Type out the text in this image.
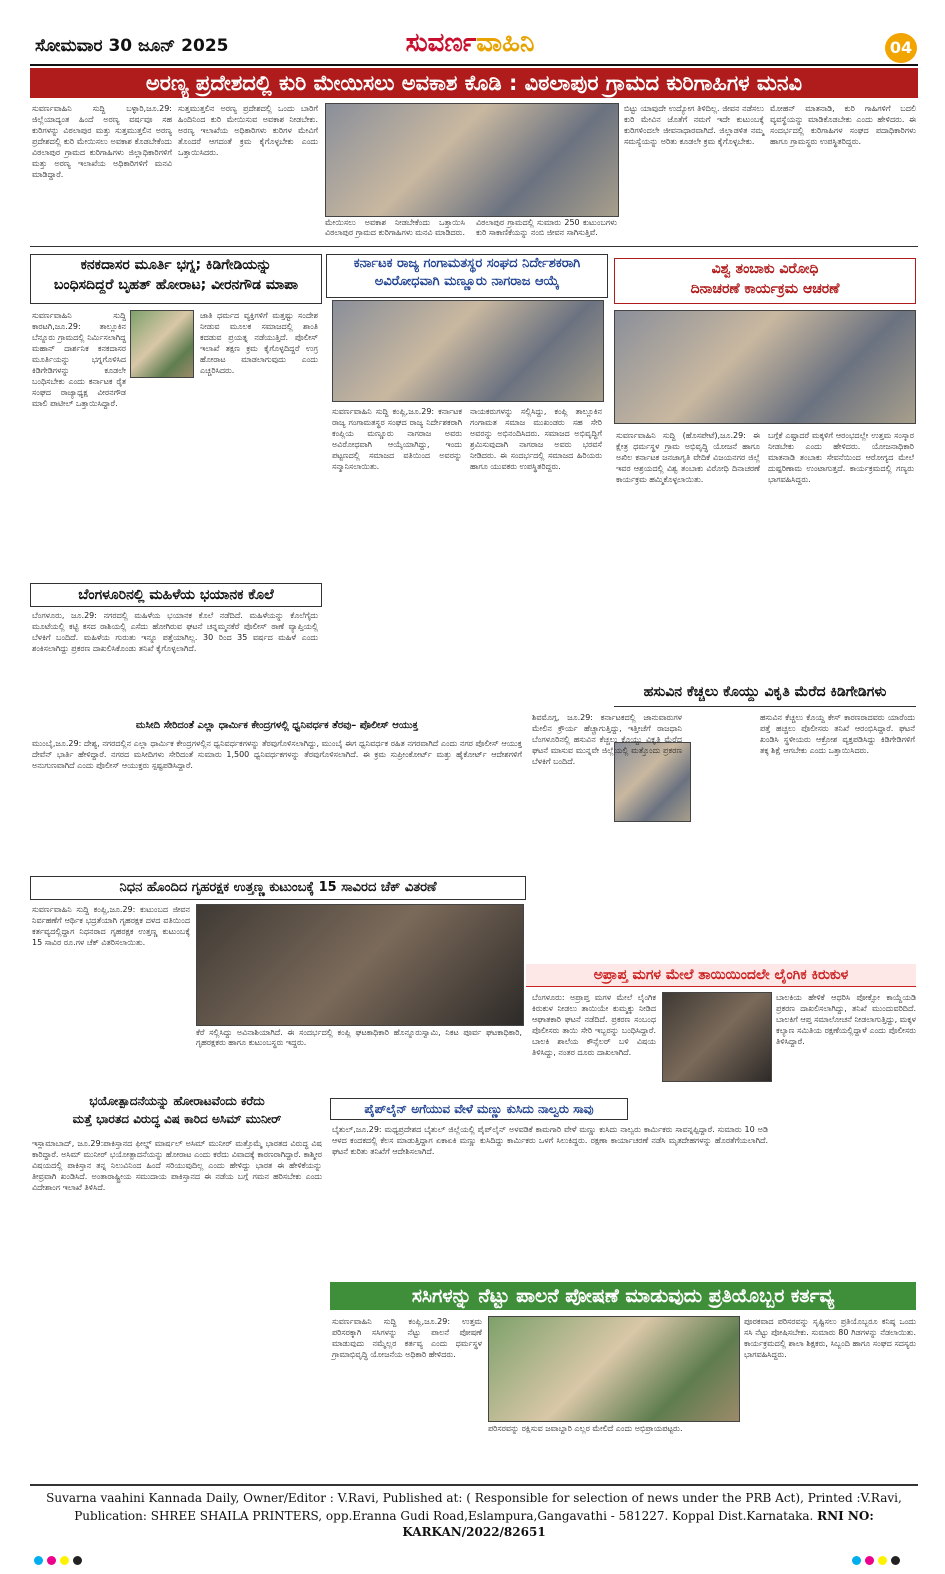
ಸೋಮವಾರ 30 ಜೂನ್ 2025	ಸುವರ್ಣವಾಹಿನಿ	04
ಅರಣ್ಯ ಪ್ರದೇಶದಲ್ಲಿ ಕುರಿ ಮೇಯಿಸಲು ಅವಕಾಶ ಕೊಡಿ : ವಿಠಲಾಪುರ ಗ್ರಾಮದ ಕುರಿಗಾಹಿಗಳ ಮನವಿ
ಸುವರ್ಣವಾಹಿನಿ ಸುದ್ದಿ ಬಳ್ಳಾರಿ,ಜೂ.29: ಜಿಲ್ಲೆಯಾದ್ಯಂತ ಹಿಂದೆ ಅರಣ್ಯ ವರ್ಷವೂ ಸಹ ಕುರಿಗಳನ್ನು ವಿಠಲಾಪುರ ಮತ್ತು ಸುತ್ತಮುತ್ತಲಿನ ಅರಣ್ಯ ಪ್ರದೇಶದಲ್ಲಿ ಕುರಿ ಮೇಯಿಸಲು ಅವಕಾಶ ಕೊಡಬೇಕೆಂದು ವಿಠಲಾಪುರ ಗ್ರಾಮದ ಕುರಿಗಾಹಿಗಳು ಜಿಲ್ಲಾಧಿಕಾರಿಗಳಿಗೆ ಮತ್ತು ಅರಣ್ಯ ಇಲಾಖೆಯ ಅಧಿಕಾರಿಗಳಿಗೆ ಮನವಿ ಮಾಡಿದ್ದಾರೆ.
ಸುತ್ತಮುತ್ತಲಿನ ಅರಣ್ಯ ಪ್ರದೇಶದಲ್ಲಿ ಒಂದು ಬಾರಿಗೆ ಹಿಂದಿನಿಂದ ಕುರಿ ಮೇಯಿಸುವ ಅವಕಾಶ ನೀಡಬೇಕು. ಅರಣ್ಯ ಇಲಾಖೆಯ ಅಧಿಕಾರಿಗಳು ಕುರಿಗಳ ಮೇವಿಗೆ ತೊಂದರೆ ಆಗದಂತೆ ಕ್ರಮ ಕೈಗೊಳ್ಳಬೇಕು ಎಂದು ಒತ್ತಾಯಿಸಿದರು.
ಮೇಯಿಸಲು ಅವಕಾಶ ನೀಡಬೇಕೆಂದು ಒತ್ತಾಯಿಸಿ ವಿಠಲಾಪುರ ಗ್ರಾಮದ ಕುರಿಗಾಹಿಗಳು ಮನವಿ ಮಾಡಿದರು.
ವಿಠಲಾಪುರ ಗ್ರಾಮದಲ್ಲಿ ಸುಮಾರು 250 ಕುಟುಂಬಗಳು ಕುರಿ ಸಾಕಾಣಿಕೆಯನ್ನು ನಂಬಿ ಜೀವನ ಸಾಗಿಸುತ್ತಿವೆ.
ಬಿಟ್ಟು ಯಾವುದೇ ಉದ್ಯೋಗ ತಿಳಿದಿಲ್ಲ. ಜೀವನ ನಡೆಸಲು ಕುರಿ ಮೇವಿನ ಜೊತೆಗೆ ನಮಗೆ ಇದೇ ಕುಟುಂಬಕ್ಕೆ ಕುರಿಗಳಿಂದಲೇ ಜೀವನಾಧಾರವಾಗಿದೆ. ಜಿಲ್ಲಾಡಳಿತ ನಮ್ಮ ಸಮಸ್ಯೆಯನ್ನು ಅರಿತು ಕೂಡಲೇ ಕ್ರಮ ಕೈಗೊಳ್ಳಬೇಕು.
ಮೋಹನ್ ಮಾತನಾಡಿ, ಕುರಿ ಗಾಹಿಗಳಿಗೆ ಬದಲಿ ವ್ಯವಸ್ಥೆಯನ್ನು ಮಾಡಿಕೊಡಬೇಕು ಎಂದು ಹೇಳಿದರು. ಈ ಸಂದರ್ಭದಲ್ಲಿ ಕುರಿಗಾಹಿಗಳ ಸಂಘದ ಪದಾಧಿಕಾರಿಗಳು ಹಾಗೂ ಗ್ರಾಮಸ್ಥರು ಉಪಸ್ಥಿತರಿದ್ದರು.
ಕನಕದಾಸರ ಮೂರ್ತಿ ಭಗ್ನ; ಕಿಡಿಗೇಡಿಯನ್ನು
ಬಂಧಿಸದಿದ್ದರೆ ಬೃಹತ್ ಹೋರಾಟ; ವೀರನಗೌಡ ಮಾಪಾ
ಸುವರ್ಣವಾಹಿನಿ ಸುದ್ದಿ ಕಾರಟಗಿ,ಜೂ.29: ತಾಲ್ಲೂಕಿನ ಬೆನ್ನೂರು ಗ್ರಾಮದಲ್ಲಿ ನಿರ್ಮಿಸಲಾಗಿದ್ದ ಮಹಾನ್ ದಾರ್ಶನಿಕ ಕನಕದಾಸರ ಮೂರ್ತಿಯನ್ನು ಭಗ್ನಗೊಳಿಸಿದ ಕಿಡಿಗೇಡಿಗಳನ್ನು ಕೂಡಲೇ ಬಂಧಿಸಬೇಕು ಎಂದು ಕರ್ನಾಟಕ ರೈತ ಸಂಘದ ರಾಜ್ಯಾಧ್ಯಕ್ಷ ವೀರನಗೌಡ ಮಾಲಿ ಪಾಟೀಲ್ ಒತ್ತಾಯಿಸಿದ್ದಾರೆ.
ಜಾತಿ ಧರ್ಮದ ವ್ಯಕ್ತಿಗಳಿಗೆ ಮತ್ತಷ್ಟು ಸಂದೇಶ ನೀಡುವ ಮೂಲಕ ಸಮಾಜದಲ್ಲಿ ಶಾಂತಿ ಕದಡುವ ಪ್ರಯತ್ನ ನಡೆಯುತ್ತಿದೆ. ಪೊಲೀಸ್ ಇಲಾಖೆ ತಕ್ಷಣ ಕ್ರಮ ಕೈಗೊಳ್ಳದಿದ್ದರೆ ಉಗ್ರ ಹೋರಾಟ ಮಾಡಲಾಗುವುದು ಎಂದು ಎಚ್ಚರಿಸಿದರು.
ಬೆಂಗಳೂರಿನಲ್ಲಿ ಮಹಿಳೆಯ ಭಯಾನಕ ಕೊಲೆ
ಬೆಂಗಳೂರು, ಜೂ.29: ನಗರದಲ್ಲಿ ಮಹಿಳೆಯ ಭಯಾನಕ ಕೊಲೆ ನಡೆದಿದೆ. ಮಹಿಳೆಯನ್ನು ಕೊಲೆಗೈದು ಮೂಟೆಯಲ್ಲಿ ಕಟ್ಟಿ ಕಸದ ರಾಶಿಯಲ್ಲಿ ಎಸೆದು ಹೋಗಿರುವ ಘಟನೆ ಚನ್ನಮ್ಮನಕೆರೆ ಪೊಲೀಸ್ ಠಾಣೆ ವ್ಯಾಪ್ತಿಯಲ್ಲಿ ಬೆಳಕಿಗೆ ಬಂದಿದೆ. ಮಹಿಳೆಯ ಗುರುತು ಇನ್ನೂ ಪತ್ತೆಯಾಗಿಲ್ಲ. 30 ರಿಂದ 35 ವರ್ಷದ ಮಹಿಳೆ ಎಂದು ಶಂಕಿಸಲಾಗಿದ್ದು ಪ್ರಕರಣ ದಾಖಲಿಸಿಕೊಂಡು ತನಿಖೆ ಕೈಗೊಳ್ಳಲಾಗಿದೆ.
ಕರ್ನಾಟಕ ರಾಜ್ಯ ಗಂಗಾಮತಸ್ಥರ ಸಂಘದ ನಿರ್ದೇಶಕರಾಗಿ
ಅವಿರೋಧವಾಗಿ ಮಣ್ಣೂರು ನಾಗರಾಜ ಆಯ್ಕೆ
ಸುವರ್ಣವಾಹಿನಿ ಸುದ್ದಿ ಕಂಪ್ಲಿ,ಜೂ.29: ಕರ್ನಾಟಕ ರಾಜ್ಯ ಗಂಗಾಮತಸ್ಥರ ಸಂಘದ ರಾಜ್ಯ ನಿರ್ದೇಶಕರಾಗಿ ಕಂಪ್ಲಿಯ ಮಣ್ಣೂರು ನಾಗರಾಜ ಅವರು ಅವಿರೋಧವಾಗಿ ಆಯ್ಕೆಯಾಗಿದ್ದು, ಇಂದು ಪಟ್ಟಣದಲ್ಲಿ ಸಮಾಜದ ವತಿಯಿಂದ ಅವರನ್ನು ಸನ್ಮಾನಿಸಲಾಯಿತು.
ನಾಯಕರುಗಳನ್ನು ಸಲ್ಲಿಸಿದ್ದು, ಕಂಪ್ಲಿ ತಾಲ್ಲೂಕಿನ ಗಂಗಾಮತ ಸಮಾಜ ಮುಖಂಡರು ಸಹ ಸೇರಿ ಅವರನ್ನು ಅಭಿನಂದಿಸಿದರು. ಸಮಾಜದ ಅಭಿವೃದ್ಧಿಗೆ ಶ್ರಮಿಸುವುದಾಗಿ ನಾಗರಾಜ ಅವರು ಭರವಸೆ ನೀಡಿದರು. ಈ ಸಂದರ್ಭದಲ್ಲಿ ಸಮಾಜದ ಹಿರಿಯರು ಹಾಗೂ ಯುವಕರು ಉಪಸ್ಥಿತರಿದ್ದರು.
ವಿಶ್ವ ತಂಬಾಕು ವಿರೋಧಿ
ದಿನಾಚರಣೆ ಕಾರ್ಯಕ್ರಮ ಆಚರಣೆ
ಸುವರ್ಣವಾಹಿನಿ ಸುದ್ದಿ (ಹೊಸಪೇಟೆ),ಜೂ.29: ಈ ಕ್ಷೇತ್ರ ಧರ್ಮಸ್ಥಳ ಗ್ರಾಮ ಅಭಿವೃದ್ಧಿ ಯೋಜನೆ ಹಾಗೂ ಅಖಿಲ ಕರ್ನಾಟಕ ಜನಜಾಗೃತಿ ವೇದಿಕೆ ವಿಜಯನಗರ ಜಿಲ್ಲೆ ಇವರ ಆಶ್ರಯದಲ್ಲಿ ವಿಶ್ವ ತಂಬಾಕು ವಿರೋಧಿ ದಿನಾಚರಣೆ ಕಾರ್ಯಕ್ರಮ ಹಮ್ಮಿಕೊಳ್ಳಲಾಯಿತು.
ಬಗ್ಗೆಕೆ ಎಷ್ಟಾದರೆ ಮಕ್ಕಳಿಗೆ ಆರಂಭದಲ್ಲೇ ಉತ್ತಮ ಸಂಸ್ಕಾರ ನೀಡಬೇಕು ಎಂದು ಹೇಳಿದರು. ಯೋಜನಾಧಿಕಾರಿ ಮಾತನಾಡಿ ತಂಬಾಕು ಸೇವನೆಯಿಂದ ಆರೋಗ್ಯದ ಮೇಲೆ ದುಷ್ಪರಿಣಾಮ ಉಂಟಾಗುತ್ತದೆ. ಕಾರ್ಯಕ್ರಮದಲ್ಲಿ ಗಣ್ಯರು ಭಾಗವಹಿಸಿದ್ದರು.
ಹಸುವಿನ ಕೆಚ್ಚಲು ಕೊಯ್ದು ವಿಕೃತಿ ಮೆರೆದ ಕಿಡಿಗೇಡಿಗಳು
ಶಿವಮೊಗ್ಗ, ಜೂ.29: ಕರ್ನಾಟಕದಲ್ಲಿ ಜಾನುವಾರುಗಳ ಮೇಲಿನ ಕ್ರೌರ್ಯ ಹೆಚ್ಚಾಗುತ್ತಿದ್ದು, ಇತ್ತೀಚೆಗೆ ರಾಜಧಾನಿ ಬೆಂಗಳೂರಿನಲ್ಲಿ ಹಸುವಿನ ಕೆಚ್ಚಲು ಕೊಯ್ದು ವಿಕೃತಿ ಮೆರೆದ ಘಟನೆ ಮಾಸುವ ಮುನ್ನವೇ ಜಿಲ್ಲೆಯಲ್ಲಿ ಮತ್ತೊಂದು ಪ್ರಕರಣ ಬೆಳಕಿಗೆ ಬಂದಿದೆ.
ಹಸುವಿನ ಕೆಚ್ಚಲು ಕೊಯ್ದ ಕೇಸ್ ಕಾರಣರಾದವರು ಯಾರೆಂದು ಪತ್ತೆ ಹಚ್ಚಲು ಪೊಲೀಸರು ತನಿಖೆ ಆರಂಭಿಸಿದ್ದಾರೆ. ಘಟನೆ ಖಂಡಿಸಿ ಸ್ಥಳೀಯರು ಆಕ್ರೋಶ ವ್ಯಕ್ತಪಡಿಸಿದ್ದು ಕಿಡಿಗೇಡಿಗಳಿಗೆ ತಕ್ಕ ಶಿಕ್ಷೆ ಆಗಬೇಕು ಎಂದು ಒತ್ತಾಯಿಸಿದರು.
ಮಸೀದಿ ಸೇರಿದಂತೆ ಎಲ್ಲಾ ಧಾರ್ಮಿಕ ಕೇಂದ್ರಗಳಲ್ಲಿ ಧ್ವನಿವರ್ಧಕ ತೆರವು– ಪೊಲೀಸ್ ಆಯುಕ್ತ
ಮುಂಬೈ,ಜೂ.29: ದೇಶ್ಯ, ನಗರದಲ್ಲಿನ ಎಲ್ಲಾ ಧಾರ್ಮಿಕ ಕೇಂದ್ರಗಳಲ್ಲಿನ ಧ್ವನಿವರ್ಧಕಗಳನ್ನು ತೆರವುಗೊಳಿಸಲಾಗಿದ್ದು, ಮುಂಬೈ ಈಗ ಧ್ವನಿವರ್ಧಕ ರಹಿತ ನಗರವಾಗಿದೆ ಎಂದು ನಗರ ಪೊಲೀಸ್ ಆಯುಕ್ತ ದೇವೆನ್ ಭಾರ್ತಿ ಹೇಳಿದ್ದಾರೆ. ನಗರದ ಮಸೀದಿಗಳು ಸೇರಿದಂತೆ ಸುಮಾರು 1,500 ಧ್ವನಿವರ್ಧಕಗಳನ್ನು ತೆರವುಗೊಳಿಸಲಾಗಿದೆ. ಈ ಕ್ರಮ ಸುಪ್ರೀಂಕೋರ್ಟ್ ಮತ್ತು ಹೈಕೋರ್ಟ್ ಆದೇಶಗಳಿಗೆ ಅನುಗುಣವಾಗಿದೆ ಎಂದು ಪೊಲೀಸ್ ಆಯುಕ್ತರು ಸ್ಪಷ್ಟಪಡಿಸಿದ್ದಾರೆ.
ನಿಧನ ಹೊಂದಿದ ಗೃಹರಕ್ಷಕ ಉತ್ತಣ್ಣ ಕುಟುಂಬಕ್ಕೆ 15 ಸಾವಿರದ ಚೆಕ್ ವಿತರಣೆ
ಸುವರ್ಣವಾಹಿನಿ ಸುದ್ದಿ ಕಂಪ್ಲಿ,ಜೂ.29: ಕುಟುಂಬದ ಜೀವನ ನಿರ್ವಹಣೆಗೆ ಆರ್ಥಿಕ ಭದ್ರತೆಯಾಗಿ ಗೃಹರಕ್ಷಕ ದಳದ ವತಿಯಿಂದ ಕರ್ತವ್ಯದಲ್ಲಿದ್ದಾಗ ನಿಧನರಾದ ಗೃಹರಕ್ಷಕ ಉತ್ತಣ್ಣ ಕುಟುಂಬಕ್ಕೆ 15 ಸಾವಿರ ರೂ.ಗಳ ಚೆಕ್ ವಿತರಿಸಲಾಯಿತು.
ಕೆರೆ ಸಲ್ಲಿಸಿದ್ದು ಅವಿನಾಶಿಯಾಗಿದೆ. ಈ ಸಂದರ್ಭದಲ್ಲಿ ಕಂಪ್ಲಿ ಘಟಕಾಧಿಕಾರಿ ಹೊನ್ನೂರುಸ್ವಾಮಿ, ನಿಕಟ ಪೂರ್ವ ಘಟಕಾಧಿಕಾರಿ, ಗೃಹರಕ್ಷಕರು ಹಾಗೂ ಕುಟುಂಬಸ್ಥರು ಇದ್ದರು.
ಅಪ್ರಾಪ್ತ ಮಗಳ ಮೇಲೆ ತಾಯಿಯಿಂದಲೇ ಲೈಂಗಿಕ ಕಿರುಕುಳ
ಬೆಂಗಳೂರು: ಅಪ್ರಾಪ್ತ ಮಗಳ ಮೇಲೆ ಲೈಂಗಿಕ ಕಿರುಕುಳ ನೀಡಲು ತಾಯಿಯೇ ಕುಮ್ಮಕ್ಕು ನೀಡಿದ ಆಘಾತಕಾರಿ ಘಟನೆ ನಡೆದಿದೆ. ಪ್ರಕರಣ ಸಂಬಂಧ ಪೊಲೀಸರು ತಾಯಿ ಸೇರಿ ಇಬ್ಬರನ್ನು ಬಂಧಿಸಿದ್ದಾರೆ. ಬಾಲಕಿ ಶಾಲೆಯ ಕೌನ್ಸೆಲರ್ ಬಳಿ ವಿಷಯ ತಿಳಿಸಿದ್ದು, ನಂತರ ದೂರು ದಾಖಲಾಗಿದೆ.
ಬಾಲಕಿಯ ಹೇಳಿಕೆ ಆಧರಿಸಿ ಪೋಕ್ಸೋ ಕಾಯ್ದೆಯಡಿ ಪ್ರಕರಣ ದಾಖಲಿಸಲಾಗಿದ್ದು, ತನಿಖೆ ಮುಂದುವರಿದಿದೆ. ಬಾಲಕಿಗೆ ಆಪ್ತ ಸಮಾಲೋಚನೆ ನೀಡಲಾಗುತ್ತಿದ್ದು, ಮಕ್ಕಳ ಕಲ್ಯಾಣ ಸಮಿತಿಯ ರಕ್ಷಣೆಯಲ್ಲಿದ್ದಾಳೆ ಎಂದು ಪೊಲೀಸರು ತಿಳಿಸಿದ್ದಾರೆ.
ಭಯೋತ್ಪಾದನೆಯನ್ನು ಹೋರಾಟವೆಂದು ಕರೆದು
ಮತ್ತೆ ಭಾರತದ ವಿರುದ್ಧ ವಿಷ ಕಾರಿದ ಅಸಿಮ್ ಮುನೀರ್
ಇಸ್ಲಾಮಾಬಾದ್, ಜೂ.29:ಪಾಕಿಸ್ತಾನದ ಫೀಲ್ಡ್ ಮಾರ್ಷಲ್ ಅಸಿಮ್ ಮುನೀರ್ ಮತ್ತೊಮ್ಮೆ ಭಾರತದ ವಿರುದ್ಧ ವಿಷ ಕಾರಿದ್ದಾರೆ. ಅಸಿಮ್ ಮುನೀರ್ ಭಯೋತ್ಪಾದನೆಯನ್ನು ಹೋರಾಟ ಎಂದು ಕರೆದು ವಿವಾದಕ್ಕೆ ಕಾರಣರಾಗಿದ್ದಾರೆ. ಕಾಶ್ಮೀರ ವಿಷಯದಲ್ಲಿ ಪಾಕಿಸ್ತಾನ ತನ್ನ ನಿಲುವಿನಿಂದ ಹಿಂದೆ ಸರಿಯುವುದಿಲ್ಲ ಎಂದು ಹೇಳಿದ್ದು ಭಾರತ ಈ ಹೇಳಿಕೆಯನ್ನು ತೀವ್ರವಾಗಿ ಖಂಡಿಸಿದೆ. ಅಂತಾರಾಷ್ಟ್ರೀಯ ಸಮುದಾಯ ಪಾಕಿಸ್ತಾನದ ಈ ನಡೆಯ ಬಗ್ಗೆ ಗಮನ ಹರಿಸಬೇಕು ಎಂದು ವಿದೇಶಾಂಗ ಇಲಾಖೆ ತಿಳಿಸಿದೆ.
ಪೈಪ್‌ಲೈನ್ ಅಗೆಯುವ ವೇಳೆ ಮಣ್ಣು ಕುಸಿದು ನಾಲ್ವರು ಸಾವು
ಬೈತುಲ್,ಜೂ.29: ಮಧ್ಯಪ್ರದೇಶದ ಬೈತುಲ್ ಜಿಲ್ಲೆಯಲ್ಲಿ ಪೈಪ್‌ಲೈನ್ ಅಳವಡಿಕೆ ಕಾಮಗಾರಿ ವೇಳೆ ಮಣ್ಣು ಕುಸಿದು ನಾಲ್ವರು ಕಾರ್ಮಿಕರು ಸಾವನ್ನಪ್ಪಿದ್ದಾರೆ. ಸುಮಾರು 10 ಅಡಿ ಆಳದ ಕಂದಕದಲ್ಲಿ ಕೆಲಸ ಮಾಡುತ್ತಿದ್ದಾಗ ಏಕಾಏಕಿ ಮಣ್ಣು ಕುಸಿದಿದ್ದು ಕಾರ್ಮಿಕರು ಒಳಗೆ ಸಿಲುಕಿದ್ದರು. ರಕ್ಷಣಾ ಕಾರ್ಯಾಚರಣೆ ನಡೆಸಿ ಮೃತದೇಹಗಳನ್ನು ಹೊರತೆಗೆಯಲಾಗಿದೆ. ಘಟನೆ ಕುರಿತು ತನಿಖೆಗೆ ಆದೇಶಿಸಲಾಗಿದೆ.
ಸಸಿಗಳನ್ನು ನೆಟ್ಟು ಪಾಲನೆ ಪೋಷಣೆ ಮಾಡುವುದು ಪ್ರತಿಯೊಬ್ಬರ ಕರ್ತವ್ಯ
ಸುವರ್ಣವಾಹಿನಿ ಸುದ್ದಿ ಕಂಪ್ಲಿ,ಜೂ.29: ಉತ್ತಮ ಪರಿಸರಕ್ಕಾಗಿ ಸಸಿಗಳನ್ನು ನೆಟ್ಟು ಪಾಲನೆ ಪೋಷಣೆ ಮಾಡುವುದು ನಮ್ಮೆಲ್ಲರ ಕರ್ತವ್ಯ ಎಂದು ಧರ್ಮಸ್ಥಳ ಗ್ರಾಮಾಭಿವೃದ್ಧಿ ಯೋಜನೆಯ ಅಧಿಕಾರಿ ಹೇಳಿದರು.
ಪರಿಸರವನ್ನು ರಕ್ಷಿಸುವ ಜವಾಬ್ದಾರಿ ಎಲ್ಲರ ಮೇಲಿದೆ ಎಂದು ಅಭಿಪ್ರಾಯಪಟ್ಟರು.
ಪೂರಕವಾದ ಪರಿಸರವನ್ನು ಸೃಷ್ಟಿಸಲು ಪ್ರತಿಯೊಬ್ಬರೂ ಕನಿಷ್ಠ ಒಂದು ಸಸಿ ನೆಟ್ಟು ಪೋಷಿಸಬೇಕು. ಸುಮಾರು 80 ಗಿಡಗಳನ್ನು ನೆಡಲಾಯಿತು. ಕಾರ್ಯಕ್ರಮದಲ್ಲಿ ಶಾಲಾ ಶಿಕ್ಷಕರು, ಸಿಬ್ಬಂದಿ ಹಾಗೂ ಸಂಘದ ಸದಸ್ಯರು ಭಾಗವಹಿಸಿದ್ದರು.
Suvarna vaahini Kannada Daily, Owner/Editor : V.Ravi, Published at: ( Responsible for selection of news under the PRB Act), Printed :V.Ravi,
Publication: SHREE SHAILA PRINTERS, opp.Eranna Gudi Road,Eslampura,Gangavathi - 581227. Koppal Dist.Karnataka. RNI NO: KARKAN/2022/82651
